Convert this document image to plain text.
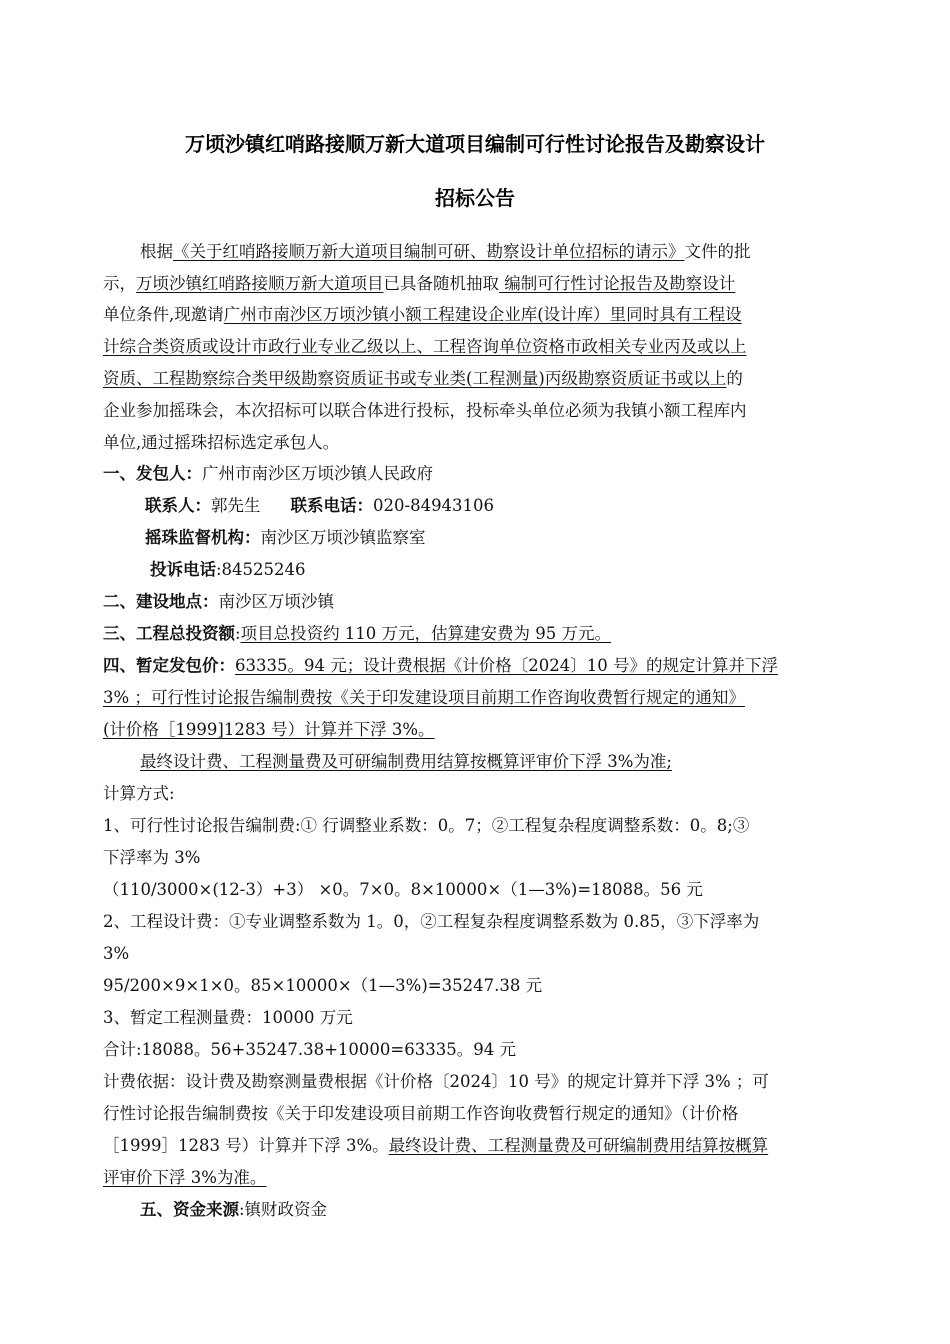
万顷沙镇红哨路接顺万新大道项目编制可行性讨论报告及勘察设计
招标公告
根据《关于红哨路接顺万新大道项目编制可研、勘察设计单位招标的请示》文件的批
示，万顷沙镇红哨路接顺万新大道项目已具备随机抽取 编制可行性讨论报告及勘察设计
单位条件,现邀请广州市南沙区万顷沙镇小额工程建设企业库(设计库）里同时具有工程设
计综合类资质或设计市政行业专业乙级以上、工程咨询单位资格市政相关专业丙及或以上
资质、工程勘察综合类甲级勘察资质证书或专业类(工程测量)丙级勘察资质证书或以上的
企业参加摇珠会，本次招标可以联合体进行投标，投标牵头单位必须为我镇小额工程库内
单位,通过摇珠招标选定承包人。
一、发包人：广州市南沙区万顷沙镇人民政府
联系人：郭先生 联系电话：020-84943106
摇珠监督机构：南沙区万顷沙镇监察室
投诉电话:84525246
二、建设地点：南沙区万顷沙镇
三、工程总投资额:项目总投资约 110 万元，估算建安费为 95 万元。
四、暂定发包价：63335。94 元；设计费根据《计价格〔2024〕10 号》的规定计算并下浮
3% ；可行性讨论报告编制费按《关于印发建设项目前期工作咨询收费暂行规定的通知》
(计价格［1999]1283 号）计算并下浮 3%。
最终设计费、工程测量费及可研编制费用结算按概算评审价下浮 3%为准;
计算方式:
1、可行性讨论报告编制费:① 行调整业系数：0。7；②工程复杂程度调整系数：0。8;③
下浮率为 3%
（110/3000×(12-3）+3） ×0。7×0。8×10000×（1—3%)=18088。56 元
2、工程设计费：①专业调整系数为 1。0，②工程复杂程度调整系数为 0.85，③下浮率为
3%
95/200×9×1×0。85×10000×（1—3%)=35247.38 元
3、暂定工程测量费：10000 万元
合计:18088。56+35247.38+10000=63335。94 元
计费依据：设计费及勘察测量费根据《计价格〔2024〕10 号》的规定计算并下浮 3% ；可
行性讨论报告编制费按《关于印发建设项目前期工作咨询收费暂行规定的通知》（计价格
［1999］1283 号）计算并下浮 3%。最终设计费、工程测量费及可研编制费用结算按概算
评审价下浮 3%为准。
五、资金来源:镇财政资金
